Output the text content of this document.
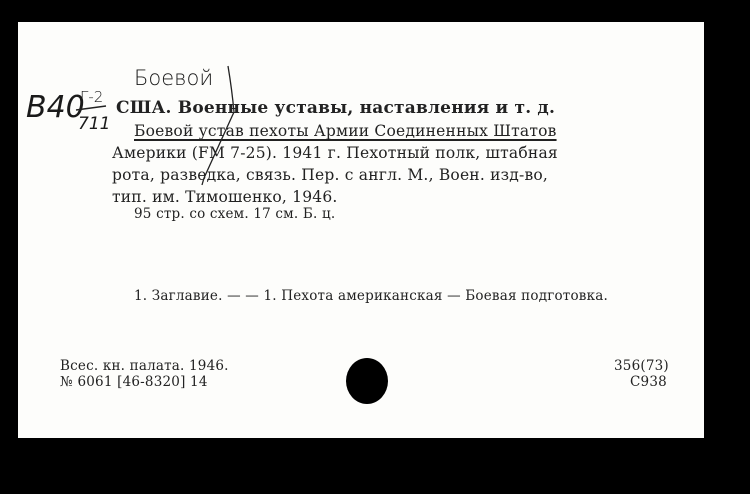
Боевой
В40
Г-2
711
США. Военные уставы, наставления и т. д.
Боевой устав пехоты Армии Соединенных Штатов
Америки (FM 7-25). 1941 г. Пехотный полк, штабная
рота, разведка, связь. Пер. с англ. М., Воен. изд-во,
тип. им. Тимошенко, 1946.
95 стр. со схем. 17 см. Б. ц.
1. Заглавие. — — 1. Пехота американская — Боевая подготовка.
Всес. кн. палата. 1946.
№ 6061 [46-8320] 14
356(73)
С938
